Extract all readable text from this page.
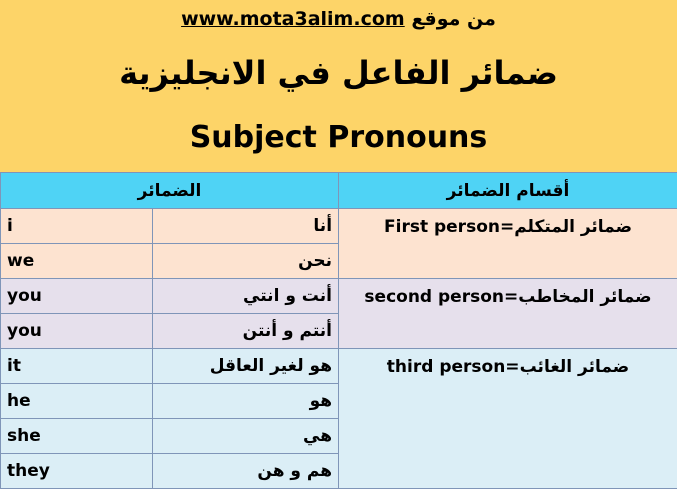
www.mota3alim.com من موقع
ضمائر الفاعل في الانجليزية
Subject Pronouns
الضمائر		أقسام الضمائر
i	أنا	First person=ضمائر المتكلم
we	نحن	
you	أنت و انتي	second person=ضمائر المخاطب
you	أنتم و أنتن	
it	هو لغير العاقل	third person=ضمائر الغائب
he	هو	
she	هي	
they	هم و هن	
